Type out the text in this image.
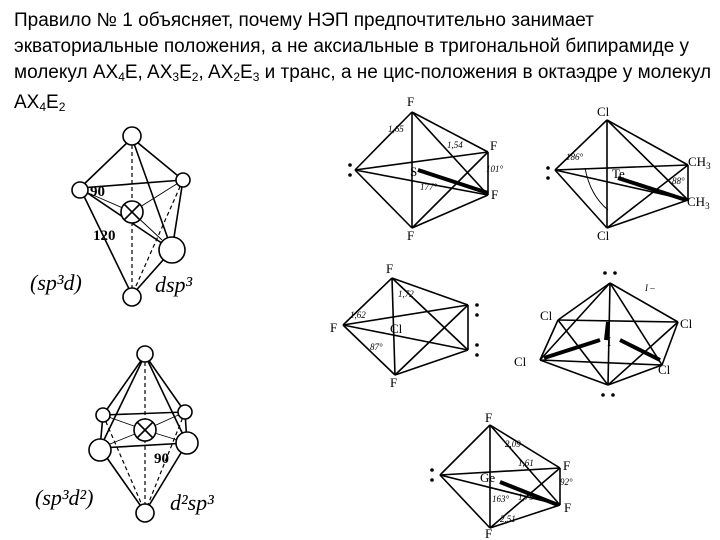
Правило № 1 объясняет, почему НЭП предпочтительно занимает экваториальные положения, а не аксиальные в тригональной бипирамиде у молекул $AX_4E$, $AX_3E_2$, $AX_2E_3$ и транс, а не цис-положения в октаэдре у молекул $AX_4E_2$
90
120
(sp³d)	dsp³
90
(sp³d²)	d²sp³
F
F
F
F
S
1,65
1,54
101°
177°
Cl
$CH_3$
$CH_3$
Cl
Te
186°
88°
F
F	Cl
F
1,72
1,62
87°
Cl
Cl
Cl
Cl
I
I –
F
F
F
F
Ge
2,09
1,61
1,79
2,51
92°
163°
